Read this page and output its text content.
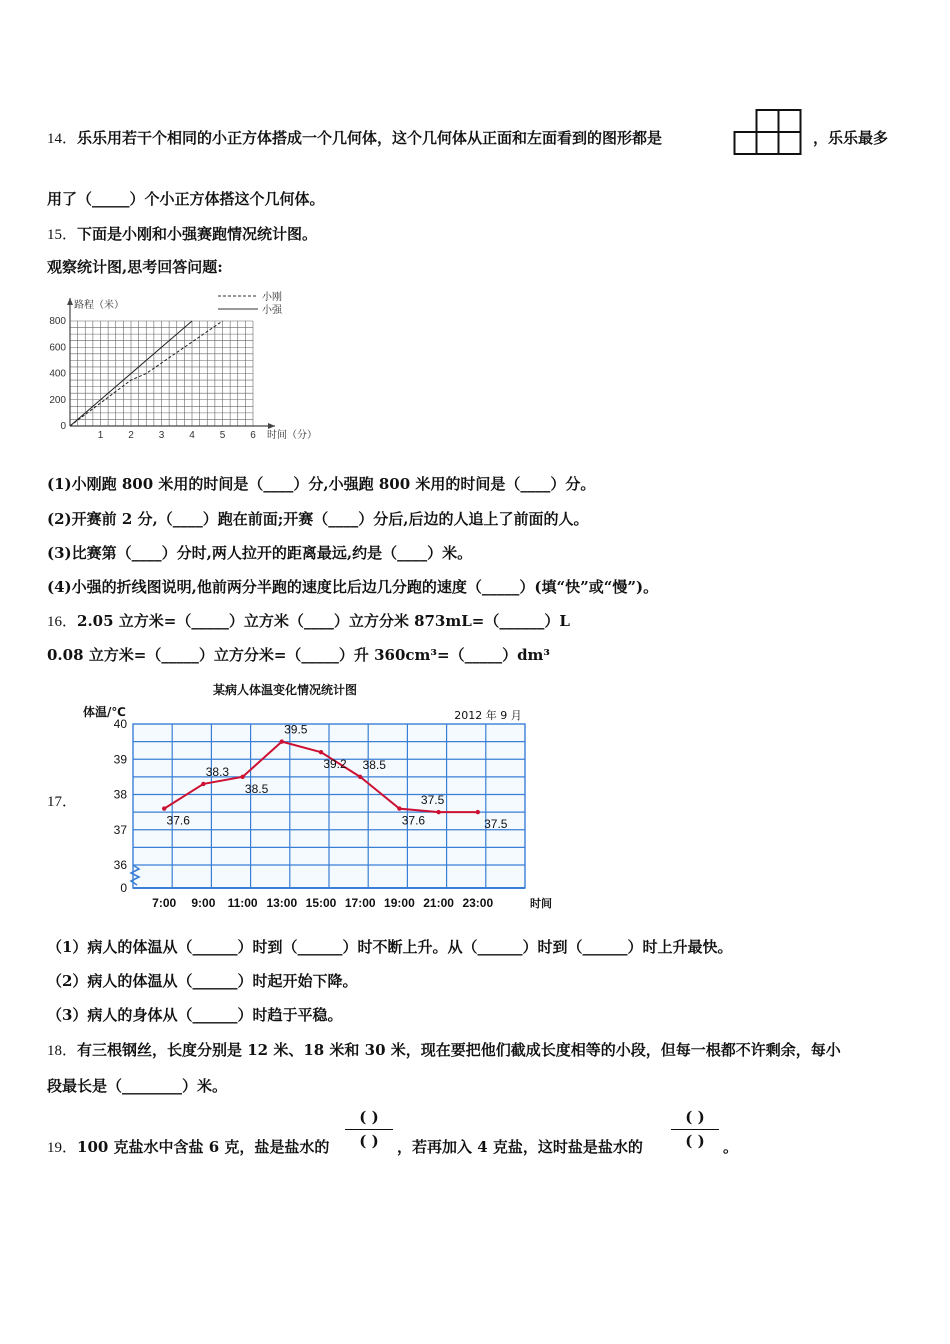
14．乐乐用若干个相同的小正方体搭成一个几何体，这个几何体从正面和左面看到的图形都是	，乐乐最多
用了（_____）个小正方体搭这个几何体。
15．下面是小刚和小强赛跑情况统计图。
观察统计图,思考回答问题:
1 2 3 4 5 6
0
200
400
600
800
路程（米）
时间（分）
小刚
小强
(1)小刚跑 800 米用的时间是（____）分,小强跑 800 米用的时间是（____）分。
(2)开赛前 2 分,（____）跑在前面;开赛（____）分后,后边的人追上了前面的人。
(3)比赛第（____）分时,两人拉开的距离最远,约是（____）米。
(4)小强的折线图说明,他前两分半跑的速度比后边几分跑的速度（_____）(填“快”或“慢”)。
16．2.05 立方米=（_____）立方米（____）立方分米 873mL=（______）L
0.08 立方米=（_____）立方分米=（_____）升 360cm³=（_____）dm³
17．
某病人体温变化情况统计图
2012 年 9 月
体温/℃
0
36
37
38
39
40
7:00 9:00 11:00 13:00 15:00 17:00 19:00 21:00 23:00	时间
37.6
38.3
38.5
39.5
39.2 38.5
37.6
37.5
37.5
（1）病人的体温从（______）时到（______）时不断上升。从（______）时到（______）时上升最快。
（2）病人的体温从（______）时起开始下降。
（3）病人的身体从（______）时趋于平稳。
18．有三根钢丝，长度分别是 12 米、18 米和 30 米，现在要把他们截成长度相等的小段，但每一根都不许剩余，每小
段最长是（________）米。
19．100 克盐水中含盐 6 克，盐是盐水的
( )
( )	，若再加入 4 克盐，这时盐是盐水的
( )
( )	。
